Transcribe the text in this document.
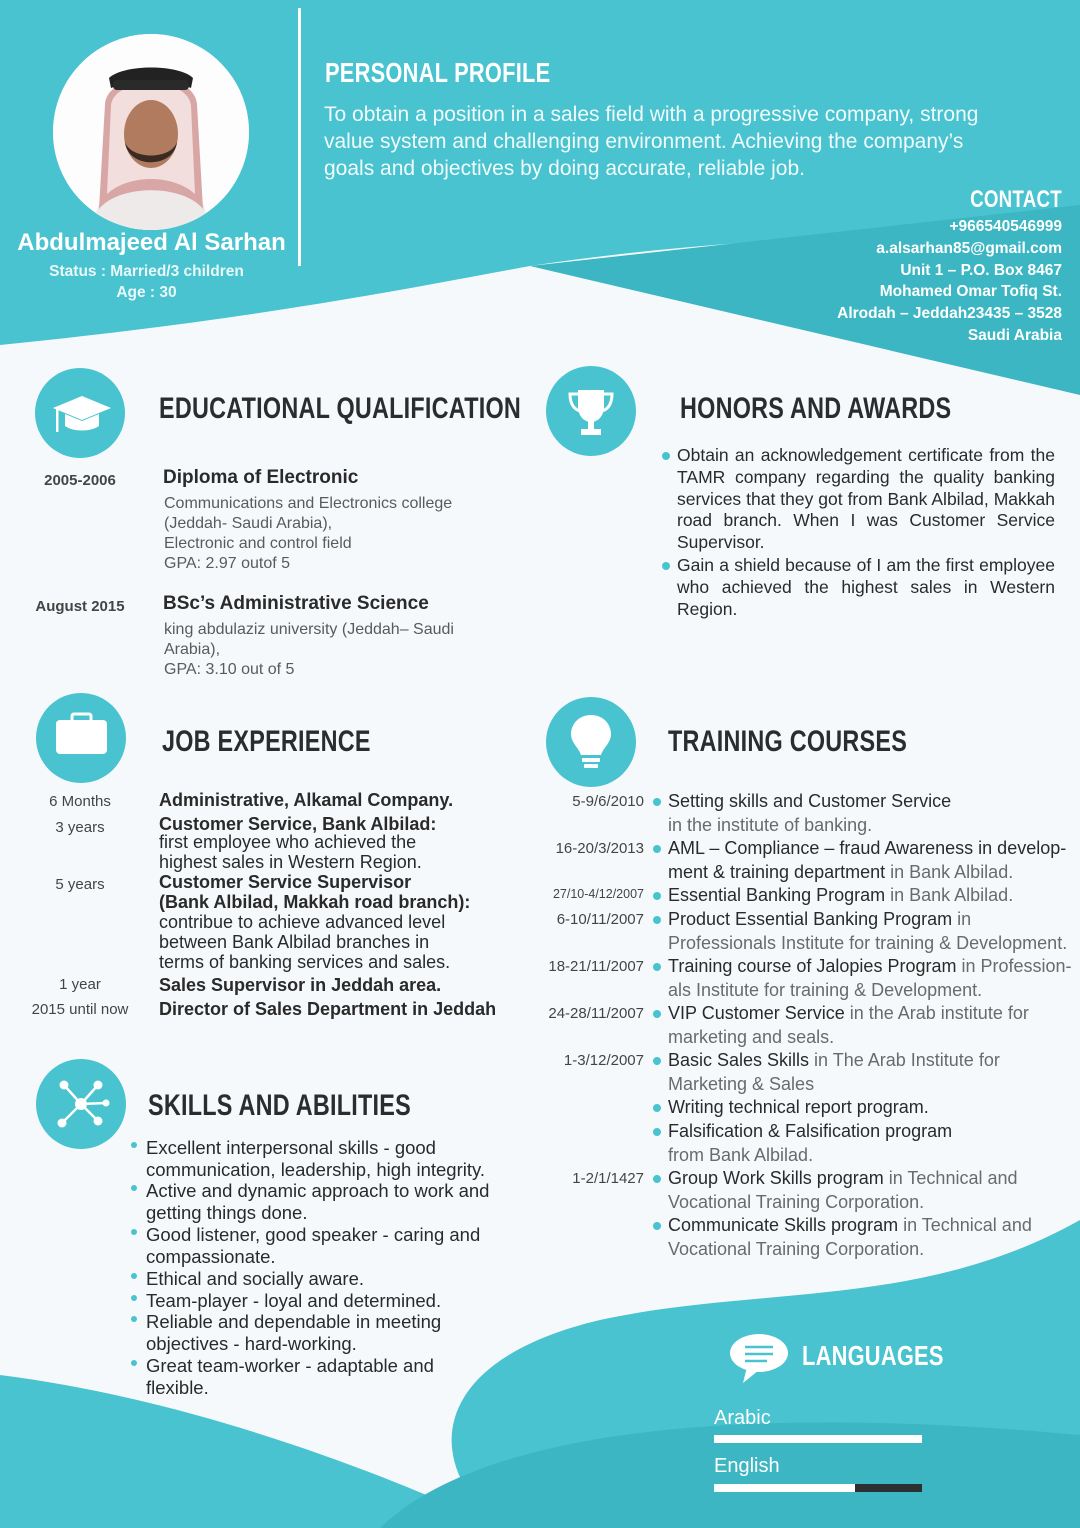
Abdulmajeed Al Sarhan
Status : Married/3 children
Age : 30
PERSONAL PROFILE
To obtain a position in a sales field with a progressive company, strong
value system and challenging environment. Achieving the company’s
goals and objectives by doing accurate, reliable job.
CONTACT
+966540546999
a.alsarhan85@gmail.com
Unit 1 – P.O. Box 8467
Mohamed Omar Tofiq St.
Alrodah – Jeddah23435 – 3528
Saudi Arabia
EDUCATIONAL QUALIFICATION
2005-2006	Diploma of Electronic
Communications and Electronics college
(Jeddah- Saudi Arabia),
Electronic and control field
GPA: 2.97 outof 5
August 2015	BSc’s Administrative Science
king abdulaziz university (Jeddah– Saudi
Arabia),
GPA: 3.10 out of 5
HONORS AND AWARDS
Obtain an acknowledgement certificate from the TAMR company regarding the quality banking services that they got from Bank Albilad, Makkah road branch. When I was Customer Service Supervisor.
Gain a shield because of I am the first employee who achieved the highest sales in Western Region.
JOB EXPERIENCE
6 Months	Administrative, Alkamal Company.
3 years	Customer Service, Bank Albilad:
first employee who achieved the
highest sales in Western Region.
5 years	Customer Service Supervisor
(Bank Albilad, Makkah road branch):
contribue to achieve advanced level
between Bank Albilad branches in
terms of banking services and sales.
1 year	Sales Supervisor in Jeddah area.
2015 until now	Director of Sales Department in Jeddah
TRAINING COURSES
5-9/6/2010 Setting skills and Customer Service
in the institute of banking.
16-20/3/2013 AML – Compliance – fraud Awareness in develop-
ment & training department in Bank Albilad.
27/10-4/12/2007 Essential Banking Program in Bank Albilad.
6-10/11/2007 Product Essential Banking Program in
Professionals Institute for training & Development.
18-21/11/2007 Training course of Jalopies Program in Profession-
als Institute for training & Development.
24-28/11/2007 VIP Customer Service in the Arab institute for
marketing and seals.
1-3/12/2007 Basic Sales Skills in The Arab Institute for
Marketing & Sales
Writing technical report program.
Falsification & Falsification program
from Bank Albilad.
1-2/1/1427 Group Work Skills program in Technical and
Vocational Training Corporation.
Communicate Skills program in Technical and
Vocational Training Corporation.
SKILLS AND ABILITIES
Excellent interpersonal skills - good
communication, leadership, high integrity.
Active and dynamic approach to work and
getting things done.
Good listener, good speaker - caring and
compassionate.
Ethical and socially aware.
Team-player - loyal and determined.
Reliable and dependable in meeting
objectives - hard-working.
Great team-worker - adaptable and
flexible.
LANGUAGES
Arabic
English
